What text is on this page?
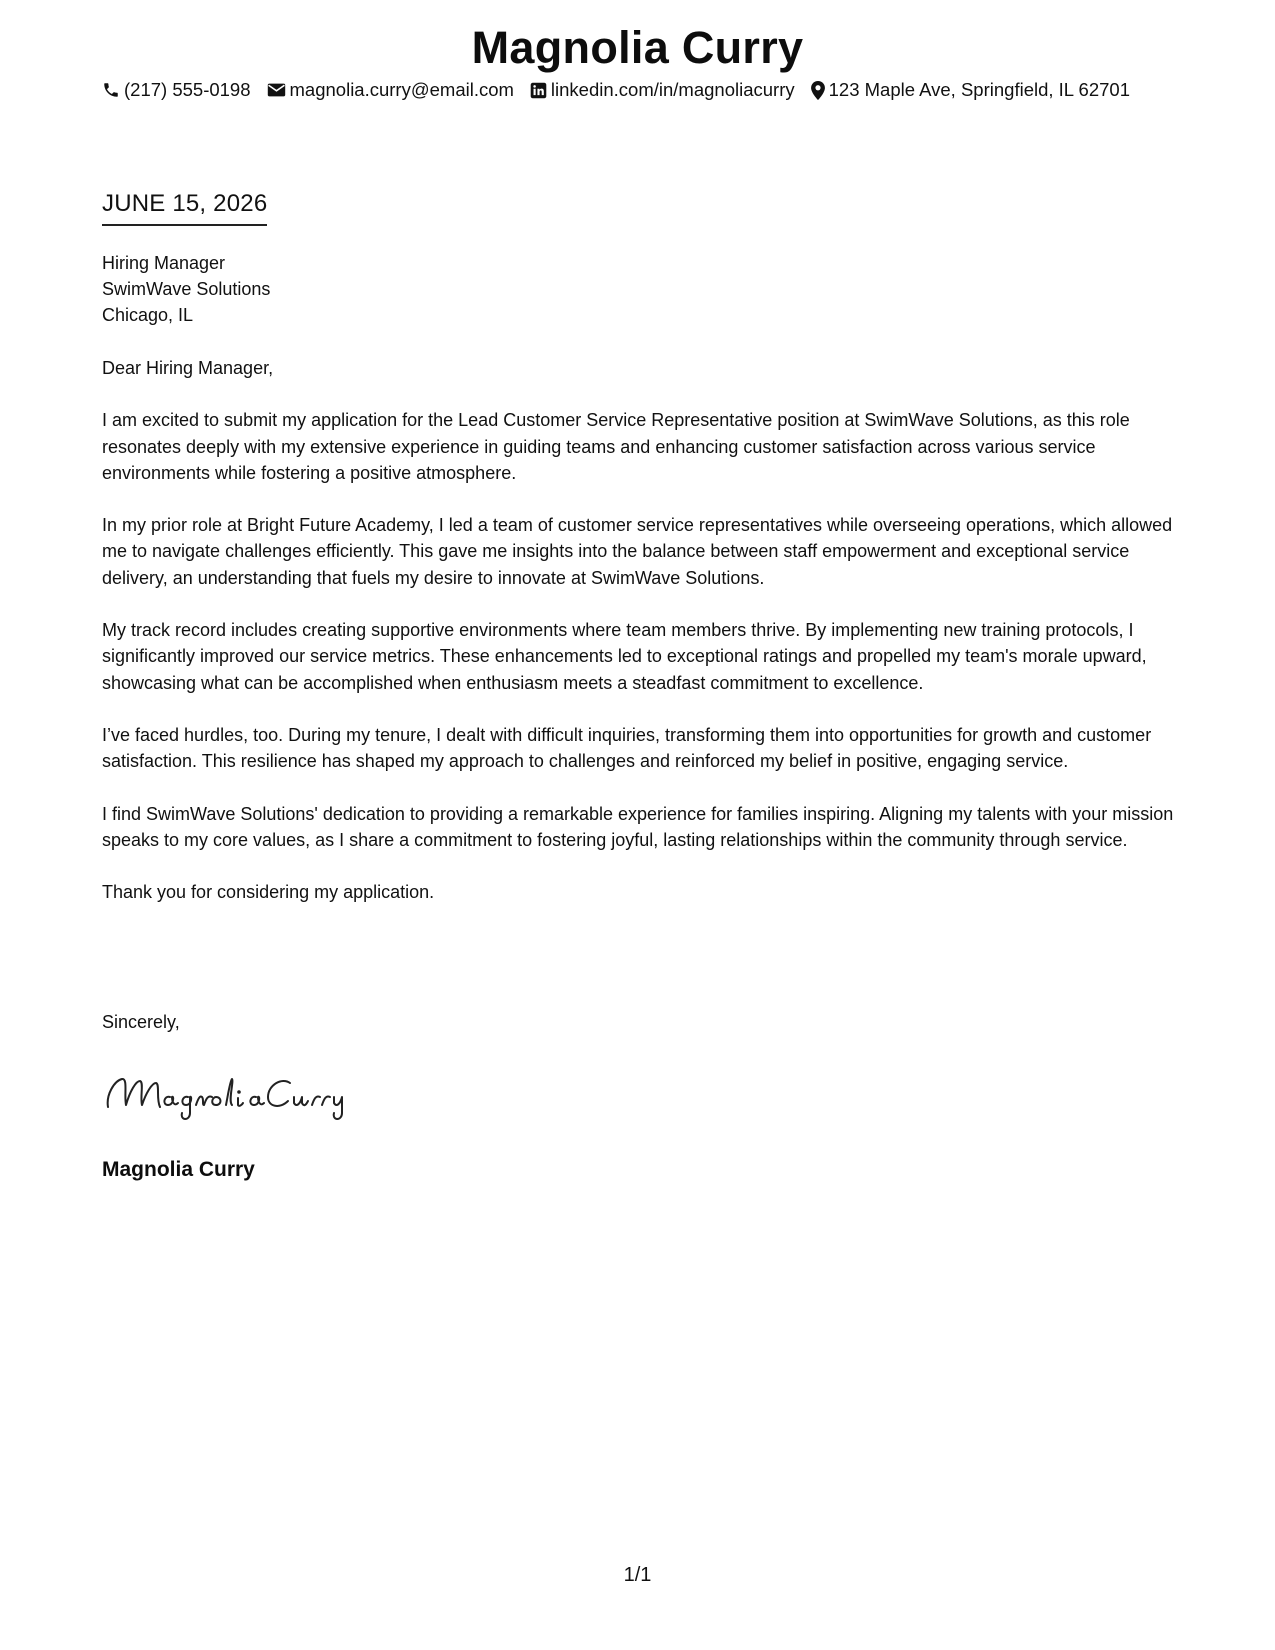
Magnolia Curry
(217) 555-0198 magnolia.curry@email.com linkedin.com/in/magnoliacurry 123 Maple Ave, Springfield, IL 62701
JUNE 15, 2026
Hiring Manager
SwimWave Solutions
Chicago, IL

Dear Hiring Manager,

I am excited to submit my application for the Lead Customer Service Representative position at SwimWave Solutions, as this role resonates deeply with my extensive experience in guiding teams and enhancing customer satisfaction across various service environments while fostering a positive atmosphere.

In my prior role at Bright Future Academy, I led a team of customer service representatives while overseeing operations, which allowed me to navigate challenges efficiently. This gave me insights into the balance between staff empowerment and exceptional service delivery, an understanding that fuels my desire to innovate at SwimWave Solutions.

My track record includes creating supportive environments where team members thrive. By implementing new training protocols, I significantly improved our service metrics. These enhancements led to exceptional ratings and propelled my team's morale upward, showcasing what can be accomplished when enthusiasm meets a steadfast commitment to excellence.

I’ve faced hurdles, too. During my tenure, I dealt with difficult inquiries, transforming them into opportunities for growth and customer satisfaction. This resilience has shaped my approach to challenges and reinforced my belief in positive, engaging service.

I find SwimWave Solutions' dedication to providing a remarkable experience for families inspiring. Aligning my talents with your mission speaks to my core values, as I share a commitment to fostering joyful, lasting relationships within the community through service.

Thank you for considering my application.

Sincerely,
Magnolia Curry
1/1
